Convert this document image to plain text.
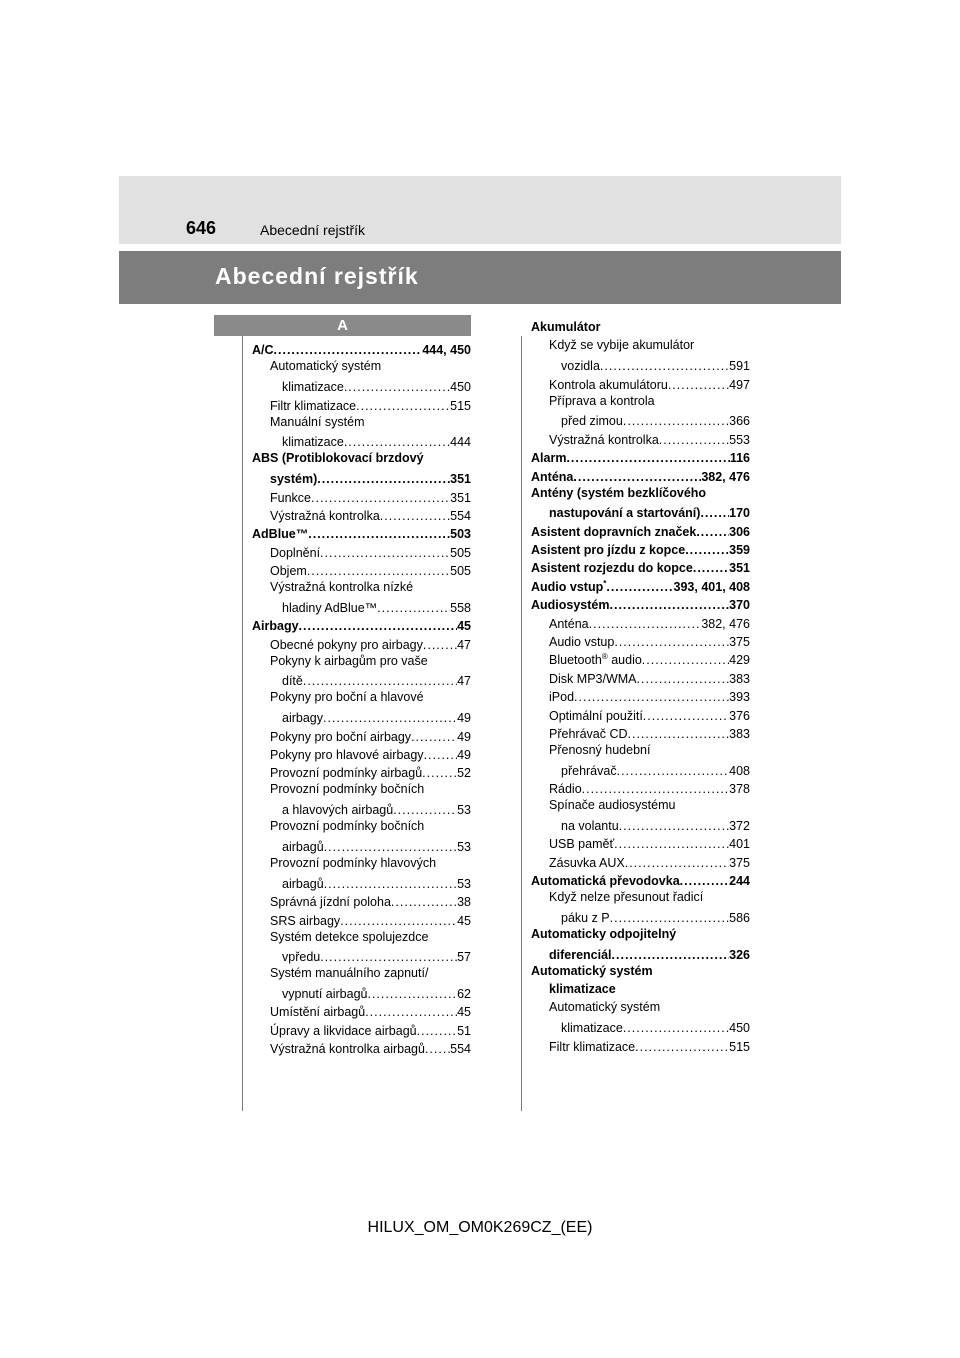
646	Abecední rejstřík
Abecední rejstřík
A
A/C .....	444, 450
Automatický systém
klimatizace .....	450
Filtr klimatizace .....	515
Manuální systém
klimatizace .....	444
ABS (Protiblokovací brzdový
systém) .....	351
Funkce .....	351
Výstražná kontrolka .....	554
AdBlue™ .....	503
Doplnění .....	505
Objem .....	505
Výstražná kontrolka nízké
hladiny AdBlue™ .....	558
Airbagy .....	45
Obecné pokyny pro airbagy .....	47
Pokyny k airbagům pro vaše
dítě .....	47
Pokyny pro boční a hlavové
airbagy .....	49
Pokyny pro boční airbagy .....	49
Pokyny pro hlavové airbagy .....	49
Provozní podmínky airbagů .....	52
Provozní podmínky bočních
a hlavových airbagů .....	53
Provozní podmínky bočních
airbagů .....	53
Provozní podmínky hlavových
airbagů .....	53
Správná jízdní poloha .....	38
SRS airbagy .....	45
Systém detekce spolujezdce
vpředu .....	57
Systém manuálního zapnutí/
vypnutí airbagů .....	62
Umístění airbagů .....	45
Úpravy a likvidace airbagů .....	51
Výstražná kontrolka airbagů ..... 554
Akumulátor
Když se vybije akumulátor
vozidla .....	591
Kontrola akumulátoru .....	497
Příprava a kontrola
před zimou .....	366
Výstražná kontrolka .....	553
Alarm .....	116
Anténa .....	382, 476
Antény (systém bezklíčového
nastupování a startování) ..... 170
Asistent dopravních značek .....	306
Asistent pro jízdu z kopce .....	359
Asistent rozjezdu do kopce .....	351
Audio vstup* .....	393, 401, 408
Audiosystém .....	370
Anténa .....	382, 476
Audio vstup .....	375
Bluetooth® audio .....	429
Disk MP3/WMA .....	383
iPod .....	393
Optimální použití .....	376
Přehrávač CD .....	383
Přenosný hudební
přehrávač .....	408
Rádio .....	378
Spínače audiosystému
na volantu .....	372
USB paměť .....	401
Zásuvka AUX .....	375
Automatická převodovka .....	244
Když nelze přesunout řadicí
páku z P .....	586
Automaticky odpojitelný
diferenciál .....	326
Automatický systém
klimatizace
Automatický systém
klimatizace .....	450
Filtr klimatizace .....	515
HILUX_OM_OM0K269CZ_(EE)
